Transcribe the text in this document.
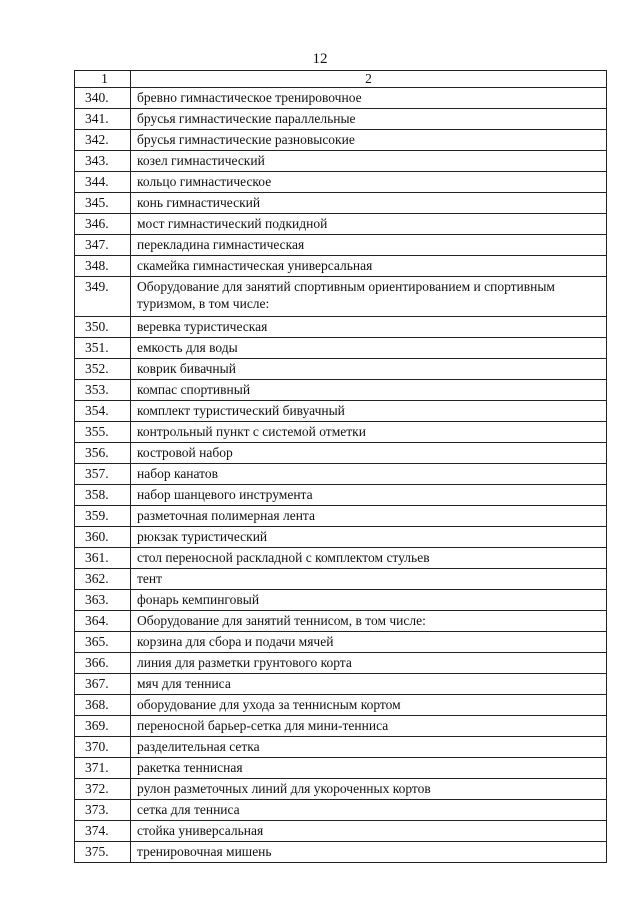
12
1	2
340.	бревно гимнастическое тренировочное
341.	брусья гимнастические параллельные
342.	брусья гимнастические разновысокие
343.	козел гимнастический
344.	кольцо гимнастическое
345.	конь гимнастический
346.	мост гимнастический подкидной
347.	перекладина гимнастическая
348.	скамейка гимнастическая универсальная
349.	Оборудование для занятий спортивным ориентированием и спортивным туризмом, в том числе:
350.	веревка туристическая
351.	емкость для воды
352.	коврик бивачный
353.	компас спортивный
354.	комплект туристический бивуачный
355.	контрольный пункт с системой отметки
356.	костровой набор
357.	набор канатов
358.	набор шанцевого инструмента
359.	разметочная полимерная лента
360.	рюкзак туристический
361.	стол переносной раскладной с комплектом стульев
362.	тент
363.	фонарь кемпинговый
364.	Оборудование для занятий теннисом, в том числе:
365.	корзина для сбора и подачи мячей
366.	линия для разметки грунтового корта
367.	мяч для тенниса
368.	оборудование для ухода за теннисным кортом
369.	переносной барьер-сетка для мини-тенниса
370.	разделительная сетка
371.	ракетка теннисная
372.	рулон разметочных линий для укороченных кортов
373.	сетка для тенниса
374.	стойка универсальная
375.	тренировочная мишень
